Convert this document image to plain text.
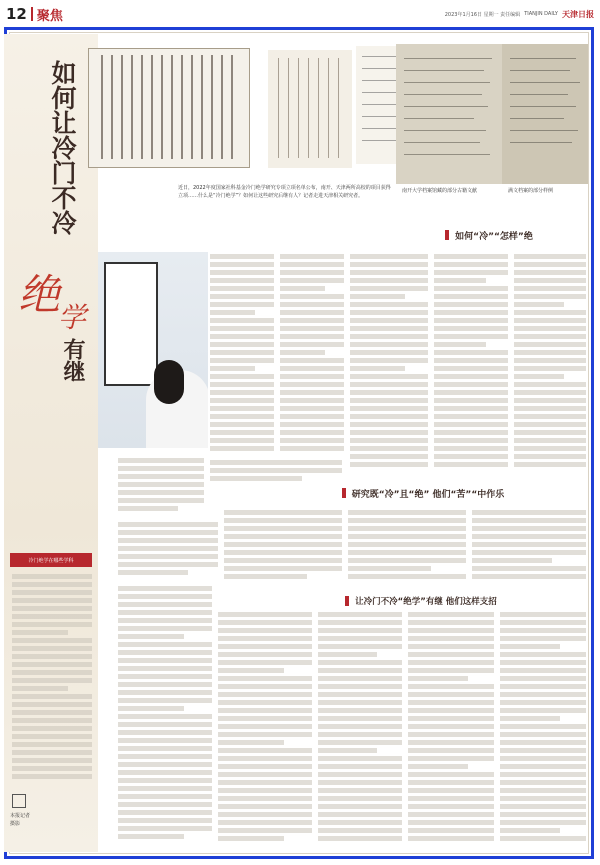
12 聚焦	2023年1月16日 星期一 责任编辑 TIANJIN DAILY 天津日报
如何让冷门不冷
绝
学
有继
南开大学档案馆藏的部分古籍文献	满文档案的部分样例
近日，2022年度国家社科基金冷门绝学研究专项立项名单公布，南开、天津两所高校的项目获得立项……什么是“冷门绝学”？如何让这些研究后继有人？记者走进天津相关研究者。
如何“冷”“怎样”绝
研究既“冷”且“绝” 他们“苦”“中作乐
让冷门不冷“绝学”有继 他们这样支招
冷门绝学在哪些学科
本报记者
摄影
